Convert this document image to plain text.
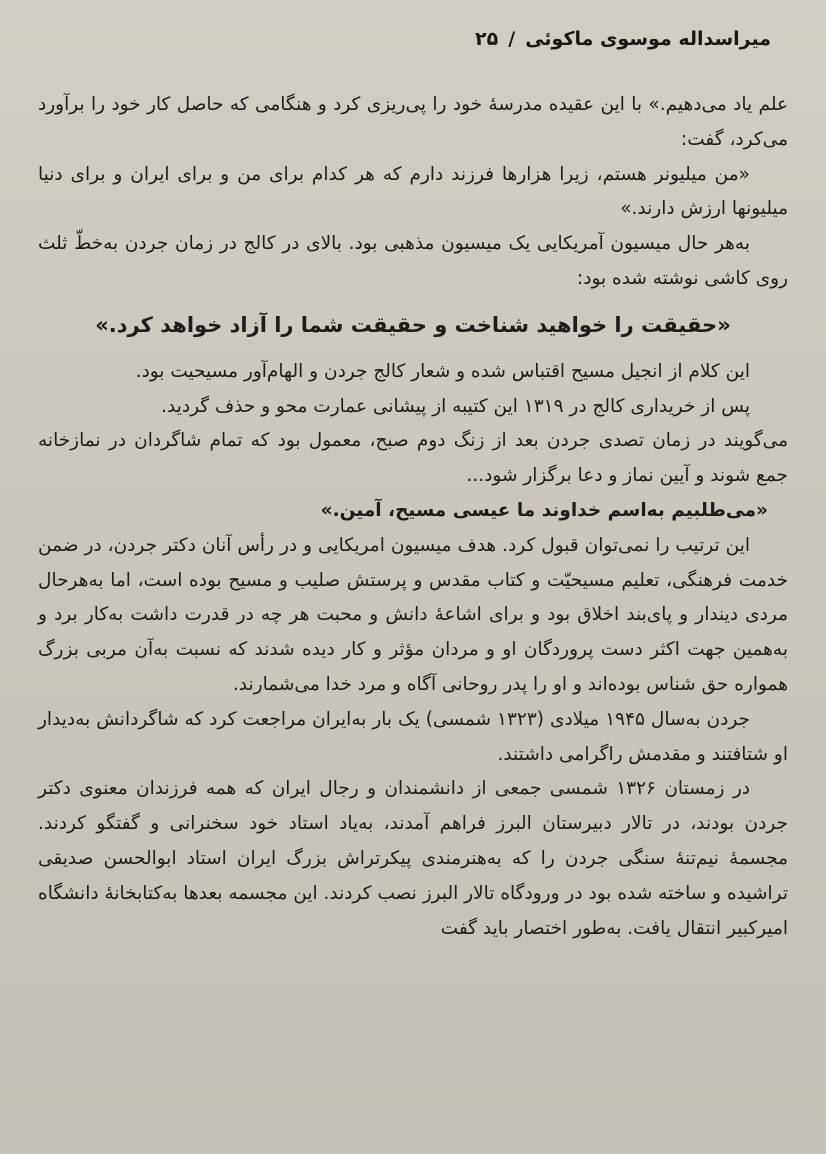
میراسداله موسوی ماکوئی
/
۲۵

علم یاد می‌دهیم.» با این عقیده مدرسهٔ خود را پی‌ریزی کرد و هنگامی که حاصل کار خود را برآورد می‌کرد، گفت:

«من میلیونر هستم، زیرا هزارها فرزند دارم که هر کدام برای من و برای ایران و برای دنیا میلیونها ارزش دارند.»

به‌هر حال میسیون آمریکایی یک میسیون مذهبی بود. بالای در کالج در زمان جردن به‌خطّ ثلث روی کاشی نوشته شده بود:

«حقیقت را خواهید شناخت و حقیقت شما را آزاد خواهد کرد.»

این کلام از انجیل مسیح اقتباس شده و شعار کالج جردن و الهام‌آور مسیحیت بود.

پس از خریداری کالج در ۱۳۱۹ این کتیبه از پیشانی عمارت محو و حذف گردید.

می‌گویند در زمان تصدی جردن بعد از زنگ دوم صبح، معمول بود که تمام شاگردان در نمازخانه جمع شوند و آیین نماز و دعا برگزار شود...

«می‌طلبیم به‌اسم خداوند ما عیسی مسیح، آمین.»

این ترتیب را نمی‌توان قبول کرد. هدف میسیون امریکایی و در رأس آنان دکتر جردن، در ضمن خدمت فرهنگی، تعلیم مسیحیّت و کتاب مقدس و پرستش صلیب و مسیح بوده است، اما به‌هر‌حال مردی دیندار و پای‌بند اخلاق بود و برای اشاعهٔ دانش و محبت هر چه در قدرت داشت به‌کار برد و به‌همین جهت اکثر دست پروردگان او و مردان مؤثر و کار دیده شدند که نسبت به‌آن مربی بزرگ همواره حق شناس بوده‌اند و او را پدر روحانی آگاه و مرد خدا می‌شمارند.

جردن به‌سال ۱۹۴۵ میلادی (۱۳۲۳ شمسی) یک بار به‌ایران مراجعت کرد که شاگردانش به‌دیدار او شتافتند و مقدمش را‌گرامی داشتند.

در زمستان ۱۳۲۶ شمسی جمعی از دانشمندان و رجال ایران که همه فرزندان معنوی دکتر جردن بودند، در تالار دبیرستان البرز فراهم آمدند، به‌یاد استاد خود سخنرانی و گفتگو کردند. مجسمهٔ نیم‌تنهٔ سنگی جردن را که به‌هنرمندی پیکرتراش بزرگ ایران استاد ابوالحسن صدیقی تراشیده و ساخته شده بود در ورودگاه تالار البرز نصب کردند. این مجسمه بعدها به‌کتابخانهٔ دانشگاه امیرکبیر انتقال یافت. به‌طور اختصار باید گفت
